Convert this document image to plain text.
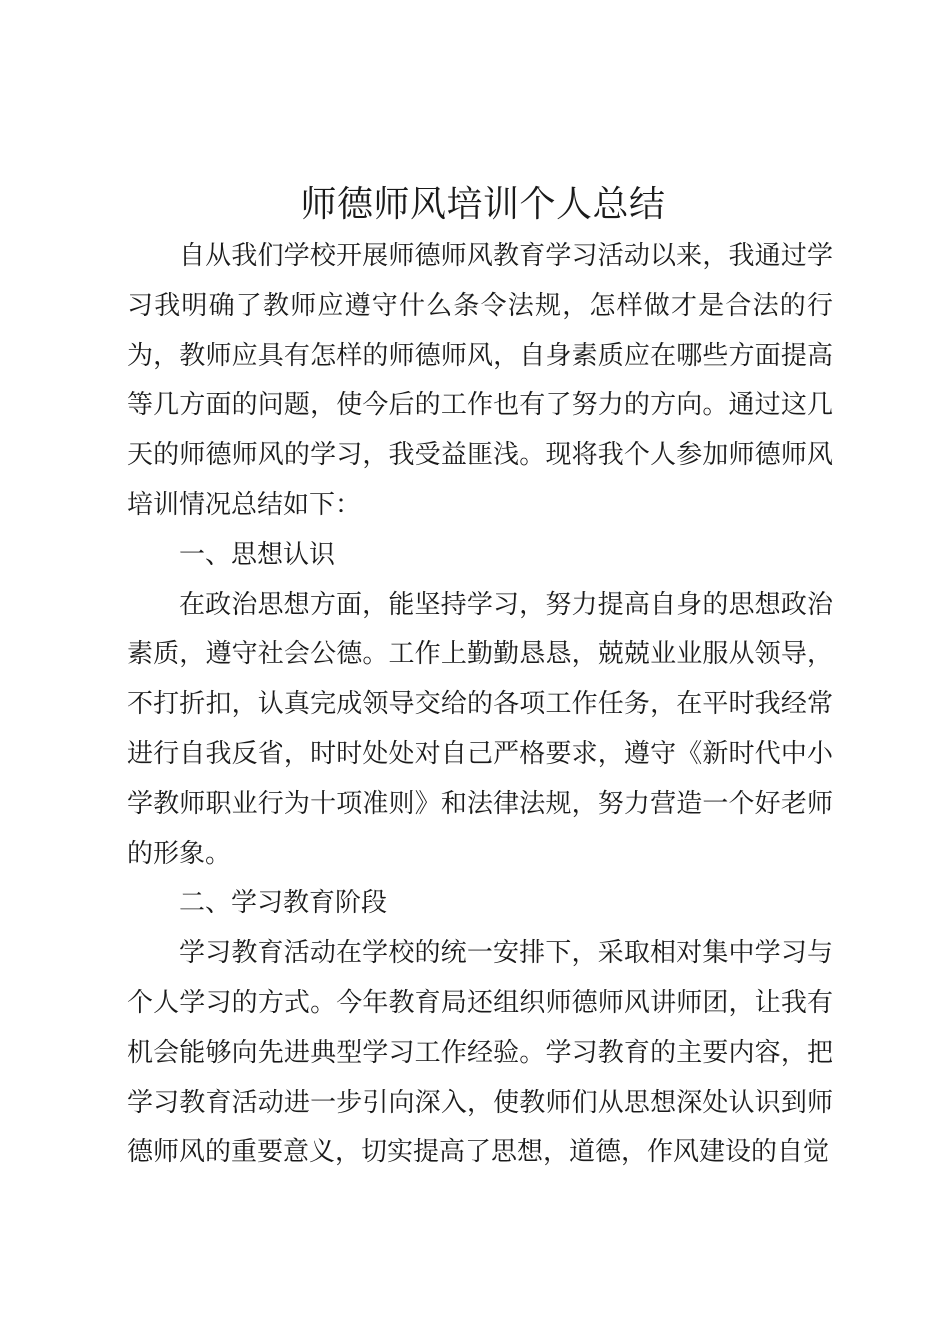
师德师风培训个人总结

自从我们学校开展师德师风教育学习活动以来，我通过学习我明确了教师应遵守什么条令法规，怎样做才是合法的行为，教师应具有怎样的师德师风，自身素质应在哪些方面提高等几方面的问题，使今后的工作也有了努力的方向。通过这几天的师德师风的学习，我受益匪浅。现将我个人参加师德师风培训情况总结如下：

一、思想认识

在政治思想方面，能坚持学习，努力提高自身的思想政治素质，遵守社会公德。工作上勤勤恳恳，兢兢业业服从领导，不打折扣，认真完成领导交给的各项工作任务，在平时我经常进行自我反省，时时处处对自己严格要求，遵守《新时代中小学教师职业行为十项准则》和法律法规，努力营造一个好老师的形象。

二、学习教育阶段

学习教育活动在学校的统一安排下，采取相对集中学习与个人学习的方式。今年教育局还组织师德师风讲师团，让我有机会能够向先进典型学习工作经验。学习教育的主要内容，把学习教育活动进一步引向深入，使教师们从思想深处认识到师德师风的重要意义，切实提高了思想，道德，作风建设的自觉
